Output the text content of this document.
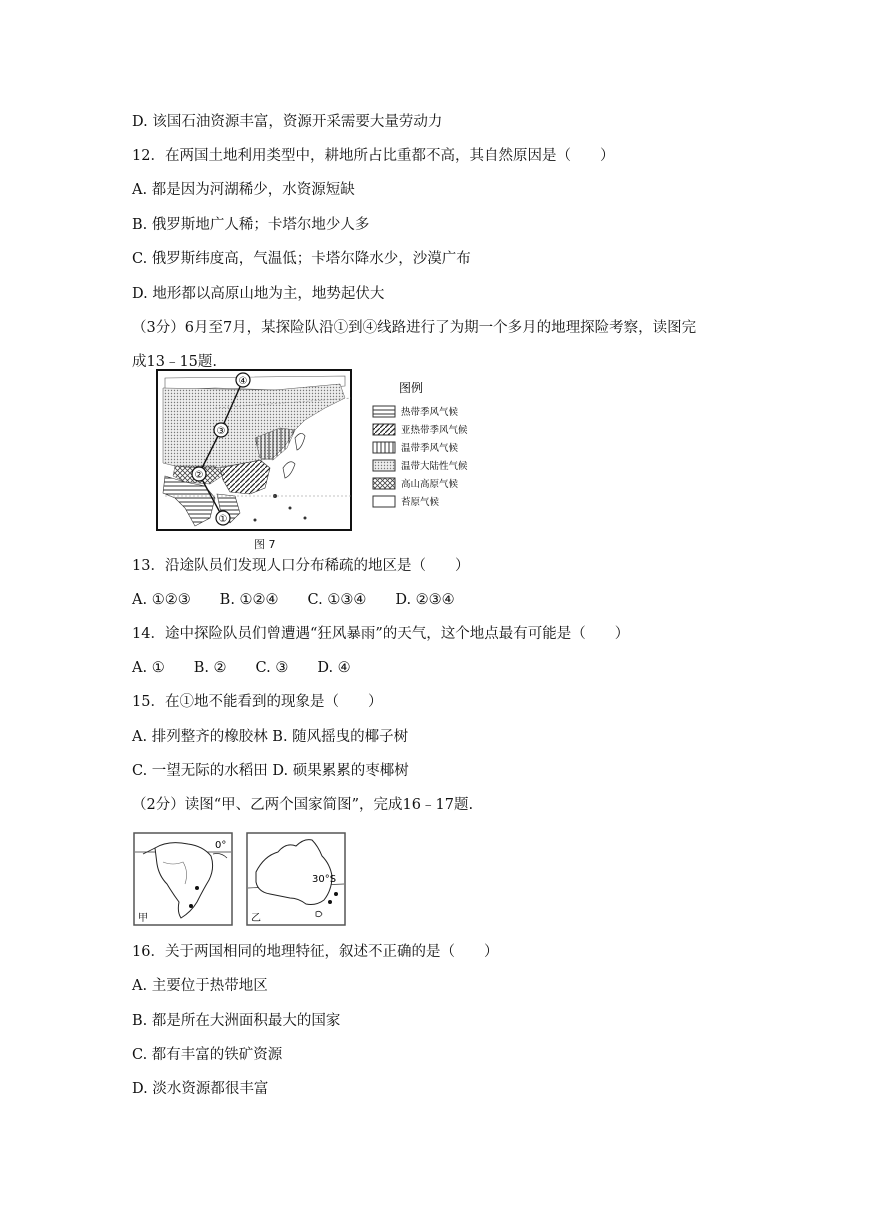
D. 该国石油资源丰富，资源开采需要大量劳动力
12．在两国土地利用类型中，耕地所占比重都不高，其自然原因是（　　）
A. 都是因为河湖稀少，水资源短缺
B. 俄罗斯地广人稀；卡塔尔地少人多
C. 俄罗斯纬度高，气温低；卡塔尔降水少，沙漠广布
D. 地形都以高原山地为主，地势起伏大
（3分）6月至7月，某探险队沿①到④线路进行了为期一个多月的地理探险考察，读图完
成13﹣15题.
①
②
③
④	图例
热带季风气候
亚热带季风气候
温带季风气候
温带大陆性气候
高山高原气候
苔原气候
图 7
13．沿途队员们发现人口分布稀疏的地区是（　　）
A. ①②③　　B. ①②④　　C. ①③④　　D. ②③④
14．途中探险队员们曾遭遇“狂风暴雨”的天气，这个地点最有可能是（　　）
A. ①　　B. ②　　C. ③　　D. ④
15．在①地不能看到的现象是（　　）
A. 排列整齐的橡胶林 B. 随风摇曳的椰子树
C. 一望无际的水稻田 D. 硕果累累的枣椰树
（2分）读图“甲、乙两个国家简图”，完成16﹣17题.
0°
甲
30°S
乙
16．关于两国相同的地理特征，叙述不正确的是（　　）
A. 主要位于热带地区
B. 都是所在大洲面积最大的国家
C. 都有丰富的铁矿资源
D. 淡水资源都很丰富
